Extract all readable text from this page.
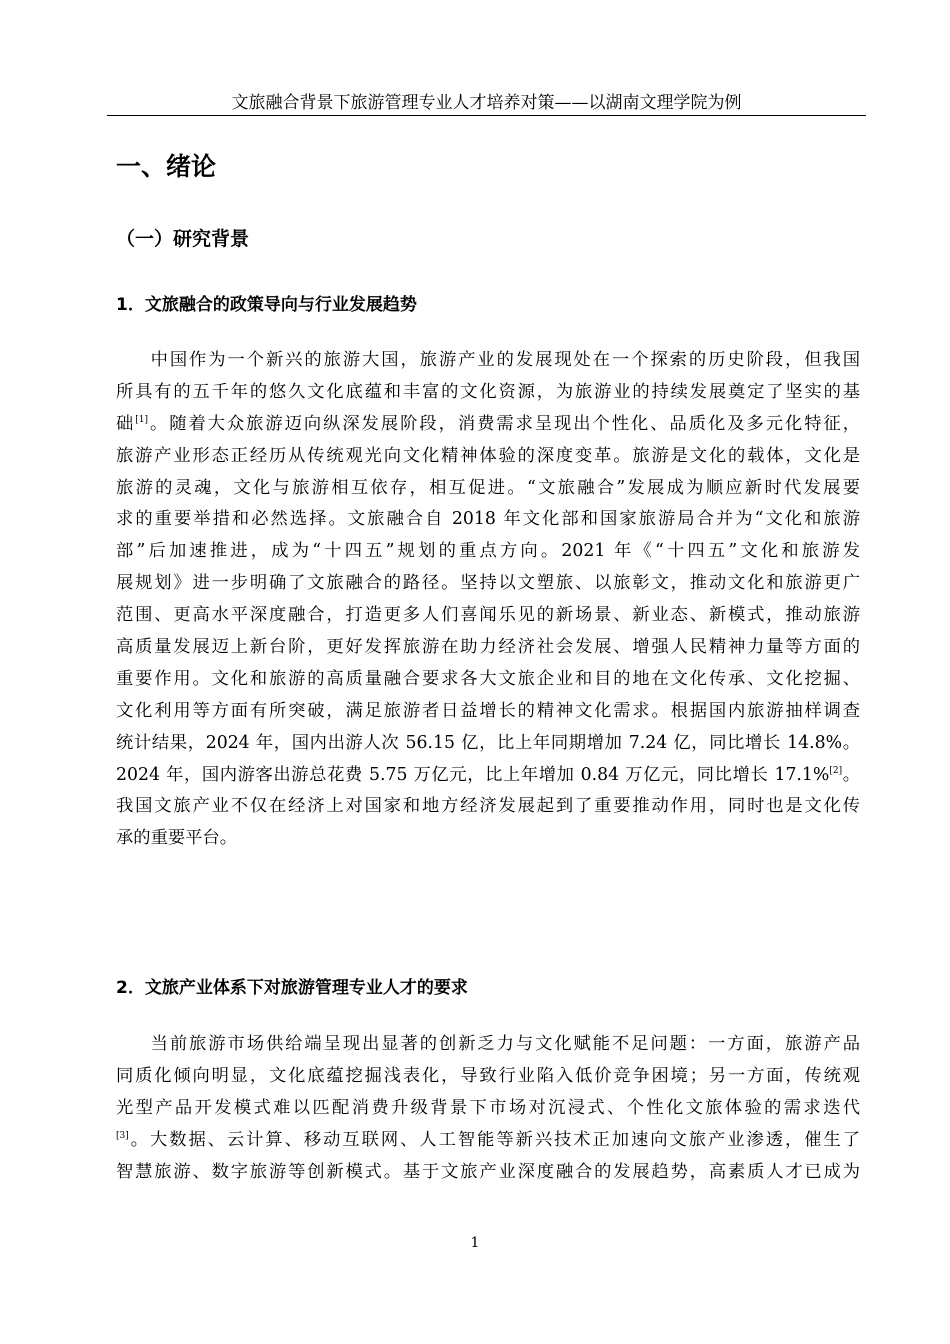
文旅融合背景下旅游管理专业人才培养对策——以湖南文理学院为例
一、绪论
（一）研究背景
1．文旅融合的政策导向与行业发展趋势
中国作为一个新兴的旅游大国，旅游产业的发展现处在一个探索的历史阶段，但我国
所具有的五千年的悠久文化底蕴和丰富的文化资源，为旅游业的持续发展奠定了坚实的基
础[1]。随着大众旅游迈向纵深发展阶段，消费需求呈现出个性化、品质化及多元化特征，
旅游产业形态正经历从传统观光向文化精神体验的深度变革。旅游是文化的载体，文化是
旅游的灵魂，文化与旅游相互依存，相互促进。“文旅融合”发展成为顺应新时代发展要
求的重要举措和必然选择。文旅融合自 2018 年文化部和国家旅游局合并为“文化和旅游
部”后加速推进，成为“十四五”规划的重点方向。2021 年《“十四五”文化和旅游发
展规划》进一步明确了文旅融合的路径。坚持以文塑旅、以旅彰文，推动文化和旅游更广
范围、更高水平深度融合，打造更多人们喜闻乐见的新场景、新业态、新模式，推动旅游
高质量发展迈上新台阶，更好发挥旅游在助力经济社会发展、增强人民精神力量等方面的
重要作用。文化和旅游的高质量融合要求各大文旅企业和目的地在文化传承、文化挖掘、
文化利用等方面有所突破，满足旅游者日益增长的精神文化需求。根据国内旅游抽样调查
统计结果，2024 年，国内出游人次 56.15 亿，比上年同期增加 7.24 亿，同比增长 14.8%。
2024 年，国内游客出游总花费 5.75 万亿元，比上年增加 0.84 万亿元，同比增长 17.1%[2]。
我国文旅产业不仅在经济上对国家和地方经济发展起到了重要推动作用，同时也是文化传
承的重要平台。
2．文旅产业体系下对旅游管理专业人才的要求
当前旅游市场供给端呈现出显著的创新乏力与文化赋能不足问题：一方面，旅游产品
同质化倾向明显，文化底蕴挖掘浅表化，导致行业陷入低价竞争困境；另一方面，传统观
光型产品开发模式难以匹配消费升级背景下市场对沉浸式、个性化文旅体验的需求迭代
[3]。大数据、云计算、移动互联网、人工智能等新兴技术正加速向文旅产业渗透，催生了
智慧旅游、数字旅游等创新模式。基于文旅产业深度融合的发展趋势，高素质人才已成为
1
